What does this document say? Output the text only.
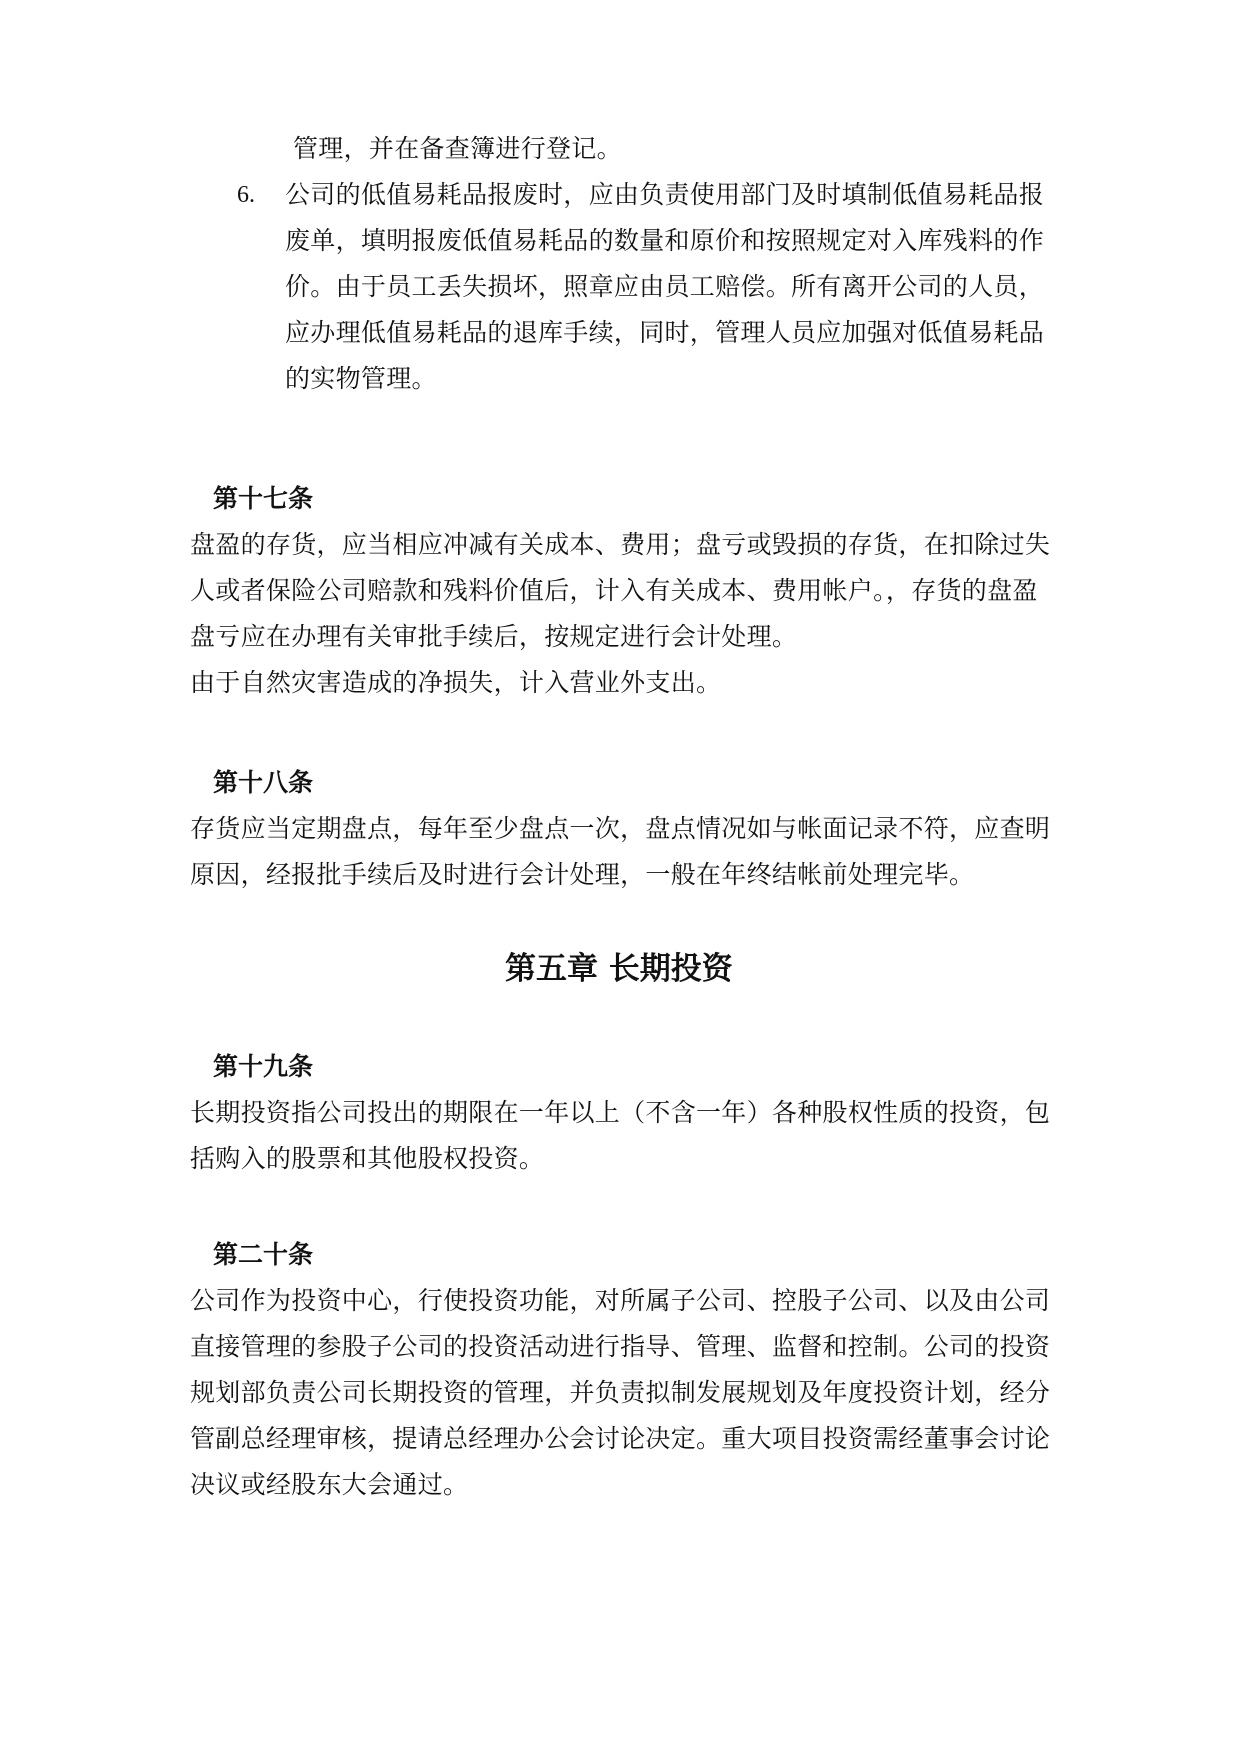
管理，并在备查簿进行登记。
6. 公司的低值易耗品报废时，应由负责使用部门及时填制低值易耗品报
废单，填明报废低值易耗品的数量和原价和按照规定对入库残料的作
价。由于员工丢失损坏，照章应由员工赔偿。所有离开公司的人员，
应办理低值易耗品的退库手续，同时，管理人员应加强对低值易耗品
的实物管理。
第十七条
盘盈的存货，应当相应冲减有关成本、费用；盘亏或毁损的存货，在扣除过失
人或者保险公司赔款和残料价值后，计入有关成本、费用帐户。，存货的盘盈
盘亏应在办理有关审批手续后，按规定进行会计处理。
由于自然灾害造成的净损失，计入营业外支出。
第十八条
存货应当定期盘点，每年至少盘点一次，盘点情况如与帐面记录不符，应查明
原因，经报批手续后及时进行会计处理，一般在年终结帐前处理完毕。
第五章 长期投资
第十九条
长期投资指公司投出的期限在一年以上（不含一年）各种股权性质的投资，包
括购入的股票和其他股权投资。
第二十条
公司作为投资中心，行使投资功能，对所属子公司、控股子公司、以及由公司
直接管理的参股子公司的投资活动进行指导、管理、监督和控制。公司的投资
规划部负责公司长期投资的管理，并负责拟制发展规划及年度投资计划，经分
管副总经理审核，提请总经理办公会讨论决定。重大项目投资需经董事会讨论
决议或经股东大会通过。
